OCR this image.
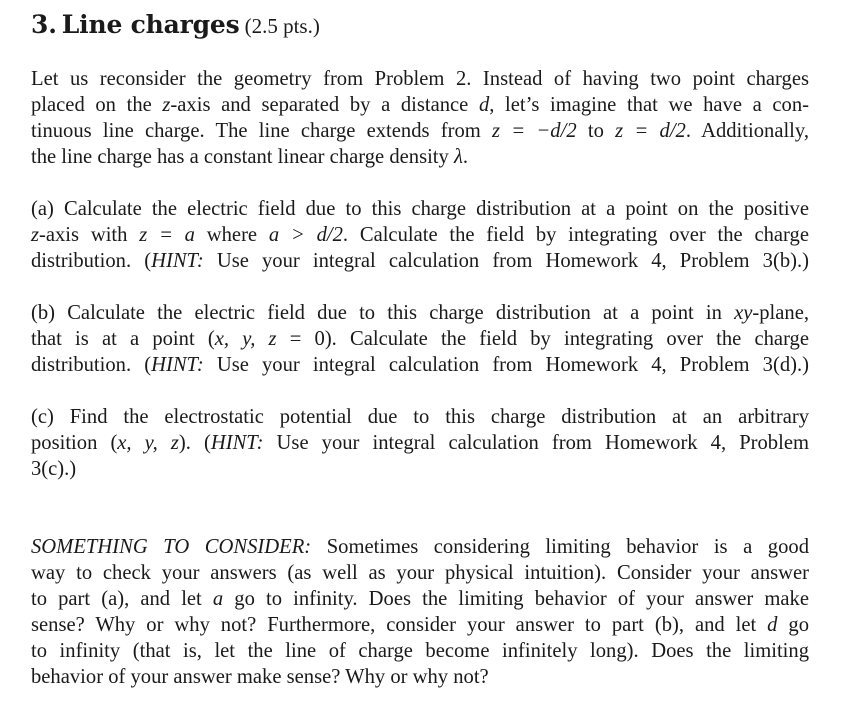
3. Line charges (2.5 pts.)
Let us reconsider the geometry from Problem 2. Instead of having two point charges
placed on the z-axis and separated by a distance d, let’s imagine that we have a con-
tinuous line charge. The line charge extends from z = −d/2 to z = d/2. Additionally,
the line charge has a constant linear charge density λ.
(a) Calculate the electric field due to this charge distribution at a point on the positive
z-axis with z = a where a > d/2. Calculate the field by integrating over the charge
distribution. (HINT: Use your integral calculation from Homework 4, Problem 3(b).)
(b) Calculate the electric field due to this charge distribution at a point in xy-plane,
that is at a point (x, y, z = 0). Calculate the field by integrating over the charge
distribution. (HINT: Use your integral calculation from Homework 4, Problem 3(d).)
(c) Find the electrostatic potential due to this charge distribution at an arbitrary
position (x, y, z). (HINT: Use your integral calculation from Homework 4, Problem
3(c).)
SOMETHING TO CONSIDER: Sometimes considering limiting behavior is a good
way to check your answers (as well as your physical intuition). Consider your answer
to part (a), and let a go to infinity. Does the limiting behavior of your answer make
sense? Why or why not? Furthermore, consider your answer to part (b), and let d go
to infinity (that is, let the line of charge become infinitely long). Does the limiting
behavior of your answer make sense? Why or why not?
